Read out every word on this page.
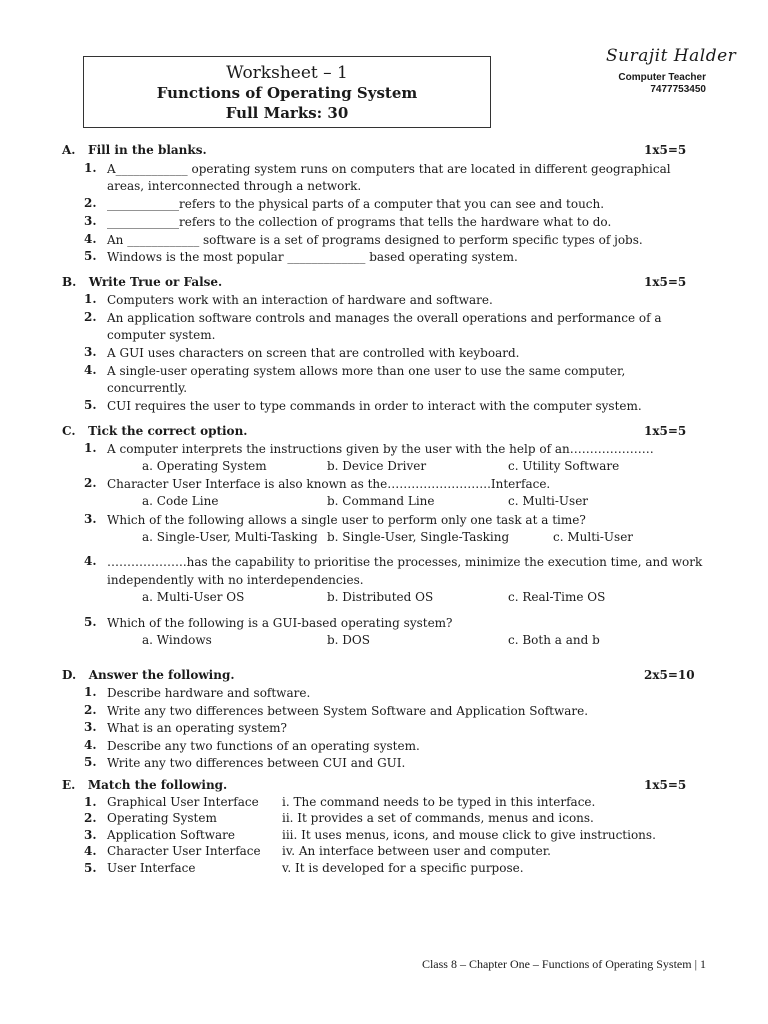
Worksheet – 1
Functions of Operating System
Full Marks: 30
Surajit Halder
Computer Teacher
7477753450
A. Fill in the blanks.	1x5=5
1. A____________ operating system runs on computers that are located in different geographical
areas, interconnected through a network.
2. ____________refers to the physical parts of a computer that you can see and touch.
3. ____________refers to the collection of programs that tells the hardware what to do.
4. An ____________ software is a set of programs designed to perform specific types of jobs.
5. Windows is the most popular _____________ based operating system.
B. Write True or False.	1x5=5
1. Computers work with an interaction of hardware and software.
2. An application software controls and manages the overall operations and performance of a
computer system.
3. A GUI uses characters on screen that are controlled with keyboard.
4. A single-user operating system allows more than one user to use the same computer,
concurrently.
5. CUI requires the user to type commands in order to interact with the computer system.
C. Tick the correct option.	1x5=5
1. A computer interprets the instructions given by the user with the help of an…………………
a. Operating System	b. Device Driver	c. Utility Software
2. Character User Interface is also known as the……………………..Interface.
a. Code Line	b. Command Line	c. Multi-User
3. Which of the following allows a single user to perform only one task at a time?
a. Single-User, Multi-Tasking b. Single-User, Single-Tasking	c. Multi-User
4. ………………..has the capability to prioritise the processes, minimize the execution time, and work
independently with no interdependencies.
a. Multi-User OS	b. Distributed OS	c. Real-Time OS
5. Which of the following is a GUI-based operating system?
a. Windows	b. DOS	c. Both a and b
D. Answer the following.	2x5=10
1. Describe hardware and software.
2. Write any two differences between System Software and Application Software.
3. What is an operating system?
4. Describe any two functions of an operating system.
5. Write any two differences between CUI and GUI.
E. Match the following.	1x5=5
1. Graphical User Interface i. The command needs to be typed in this interface.
2. Operating System	ii. It provides a set of commands, menus and icons.
3. Application Software	iii. It uses menus, icons, and mouse click to give instructions.
4. Character User Interface iv. An interface between user and computer.
5. User Interface	v. It is developed for a specific purpose.
Class 8 – Chapter One – Functions of Operating System | 1
